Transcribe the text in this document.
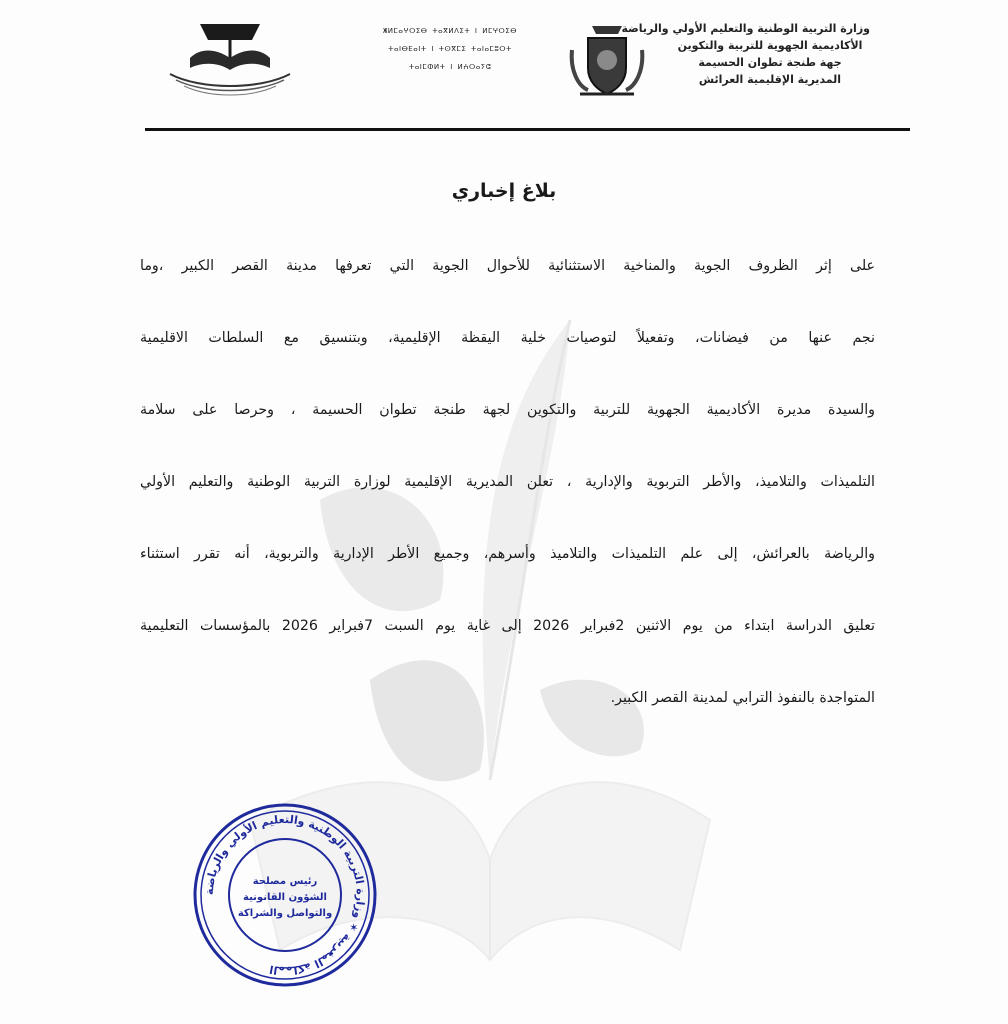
Жⵍⵎⴰⵖⵔⵉⴱ ⵜⴰⴳⵍⴷⵉⵜ ⵏ ⵍⵎⵖⵔⵉⴱ
ⵜⴰⵏⴱⴹⴰⵏⵜ ⵏ ⵜⵙⴳⵎⵉ ⵜⴰⵏⴰⵎⵓⵔⵜ
ⵜⴰⵏⵎⵀⵍⵜ ⵏ ⵍⵄⵔⴰⵢⵛ
وزارة التربية الوطنية والتعليم الأولي والرياضة
الأكاديمية الجهوية للتربية والتكوين
جهة طنجة تطوان الحسيمة
المديرية الإقليمية العرائش
بلاغ إخباري
على إثر الظروف الجوية والمناخية الاستثنائية للأحوال الجوية التي تعرفها مدينة القصر الكبير ،وما
نجم عنها من فيضانات، وتفعيلاً لتوصيات خلية اليقظة الإقليمية، وبتنسيق مع السلطات الاقليمية
والسيدة مديرة الأكاديمية الجهوية للتربية والتكوين لجهة طنجة تطوان الحسيمة ، وحرصا على سلامة
التلميذات والتلاميذ، والأطر التربوية والإدارية ، تعلن المديرية الإقليمية لوزارة التربية الوطنية والتعليم الأولي
والرياضة بالعرائش، إلى علم التلميذات والتلاميذ وأسرهم، وجميع الأطر الإدارية والتربوية، أنه تقرر استثناء
تعليق الدراسة ابتداء من يوم الاثنين 2فبراير 2026 إلى غاية يوم السبت 7فبراير 2026 بالمؤسسات التعليمية
المتواجدة بالنفوذ الترابي لمدينة القصر الكبير.
المملكة المغربية ✶ وزارة التربية الوطنية والتعليم الأولي والرياضة
رئيس مصلحة
الشؤون القانونية
والتواصل والشراكة
